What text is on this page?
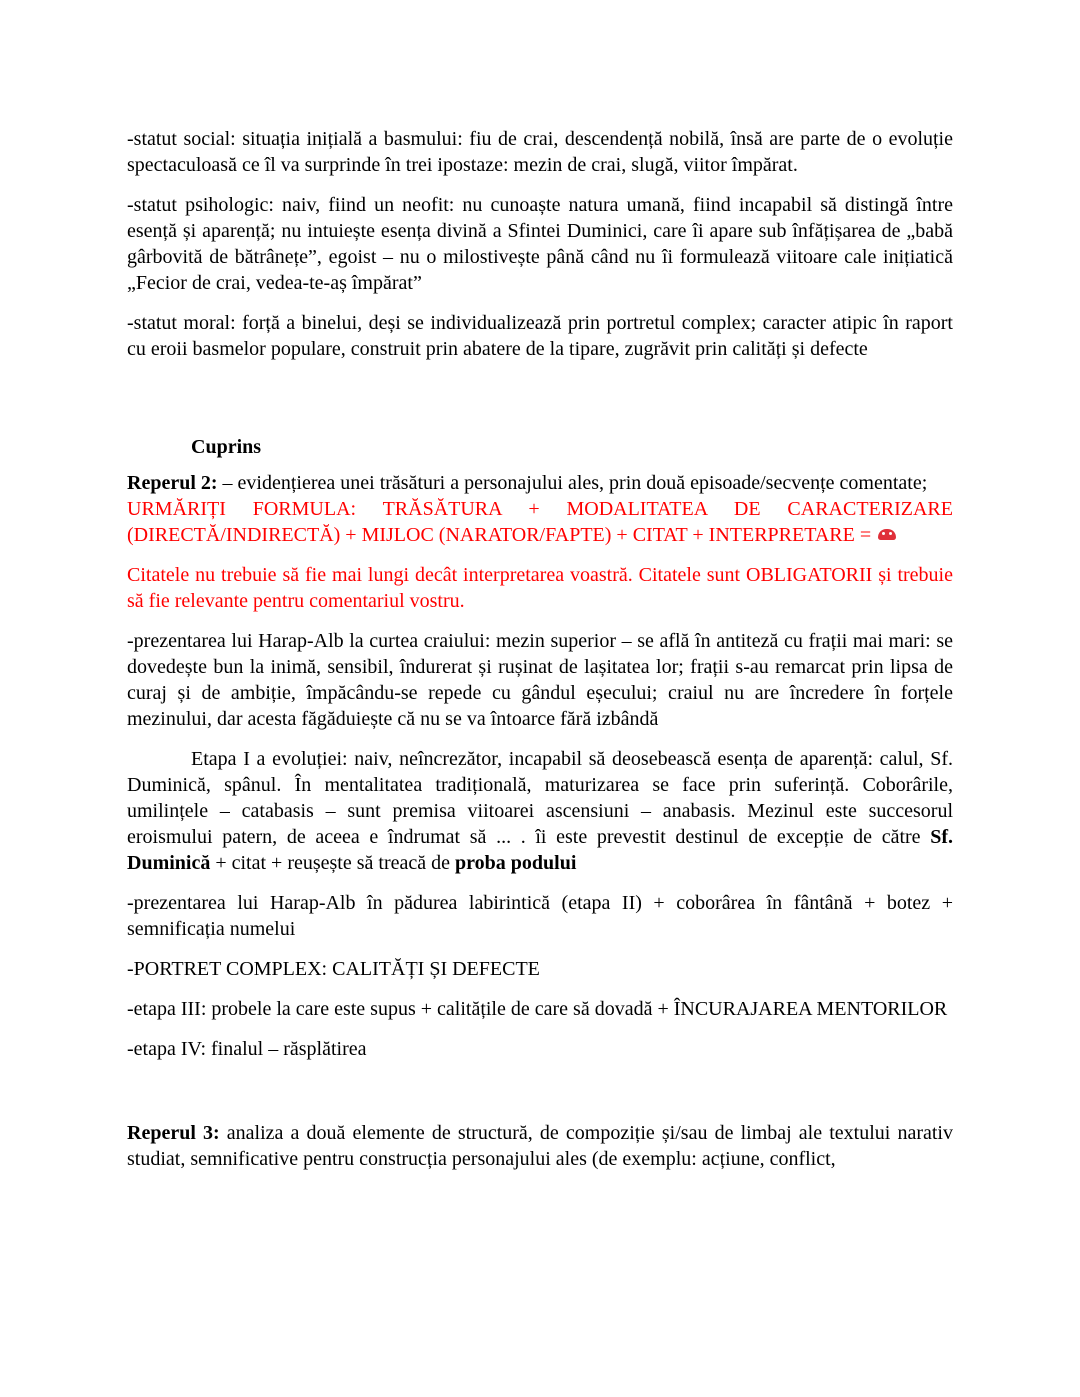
-statut social: situația inițială a basmului: fiu de crai, descendență nobilă, însă are parte de o evoluție spectaculoasă ce îl va surprinde în trei ipostaze: mezin de crai, slugă, viitor împărat.

-statut psihologic: naiv, fiind un neofit: nu cunoaște natura umană, fiind incapabil să distingă între esență și aparență; nu intuiește esența divină a Sfintei Duminici, care îi apare sub înfățișarea de „babă gârbovită de bătrânețe”, egoist – nu o milostivește până când nu îi formulează viitoare cale inițiatică „Fecior de crai, vedea-te-aș împărat”

-statut moral: forță a binelui, deși se individualizează prin portretul complex; caracter atipic în raport cu eroii basmelor populare, construit prin abatere de la tipare, zugrăvit prin calități și defecte

Cuprins

Reperul 2: – evidențierea unei trăsături a personajului ales, prin două episoade/secvențe comentate;

URMĂRIȚI FORMULA: TRĂSĂTURA + MODALITATEA DE CARACTERIZARE (DIRECTĂ/INDIRECTĂ) + MIJLOC (NARATOR/FAPTE) + CITAT + INTERPRETARE =

Citatele nu trebuie să fie mai lungi decât interpretarea voastră. Citatele sunt OBLIGATORII și trebuie să fie relevante pentru comentariul vostru.

-prezentarea lui Harap-Alb la curtea craiului: mezin superior – se află în antiteză cu frații mai mari: se dovedește bun la inimă, sensibil, îndurerat și rușinat de lașitatea lor; frații s-au remarcat prin lipsa de curaj și de ambiție, împăcându-se repede cu gândul eșecului; craiul nu are încredere în forțele mezinului, dar acesta făgăduiește că nu se va întoarce fără izbândă

Etapa I a evoluției: naiv, neîncrezător, incapabil să deosebească esența de aparență: calul, Sf. Duminică, spânul. În mentalitatea tradițională, maturizarea se face prin suferință. Coborârile, umilințele – catabasis – sunt premisa viitoarei ascensiuni – anabasis. Mezinul este succesorul eroismului patern, de aceea e îndrumat să ... . îi este prevestit destinul de excepție de către Sf. Duminică + citat + reușește să treacă de proba podului

-prezentarea lui Harap-Alb în pădurea labirintică (etapa II) + coborârea în fântână + botez + semnificația numelui

-PORTRET COMPLEX: CALITĂȚI ȘI DEFECTE

-etapa III: probele la care este supus + calitățile de care să dovadă + ÎNCURAJAREA MENTORILOR

-etapa IV: finalul – răsplătirea

Reperul 3: analiza a două elemente de structură, de compoziție și/sau de limbaj ale textului narativ studiat, semnificative pentru construcția personajului ales (de exemplu: acțiune, conflict,
